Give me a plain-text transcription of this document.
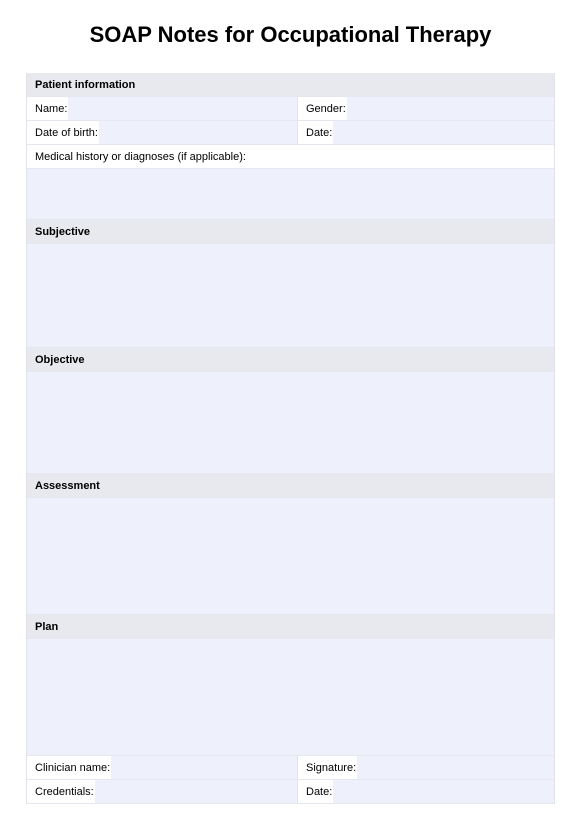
SOAP Notes for Occupational Therapy
Patient information
Name:	Gender:
Date of birth:	Date:
Medical history or diagnoses (if applicable):
Subjective
Objective
Assessment
Plan
Clinician name:	Signature:
Credentials:	Date:
